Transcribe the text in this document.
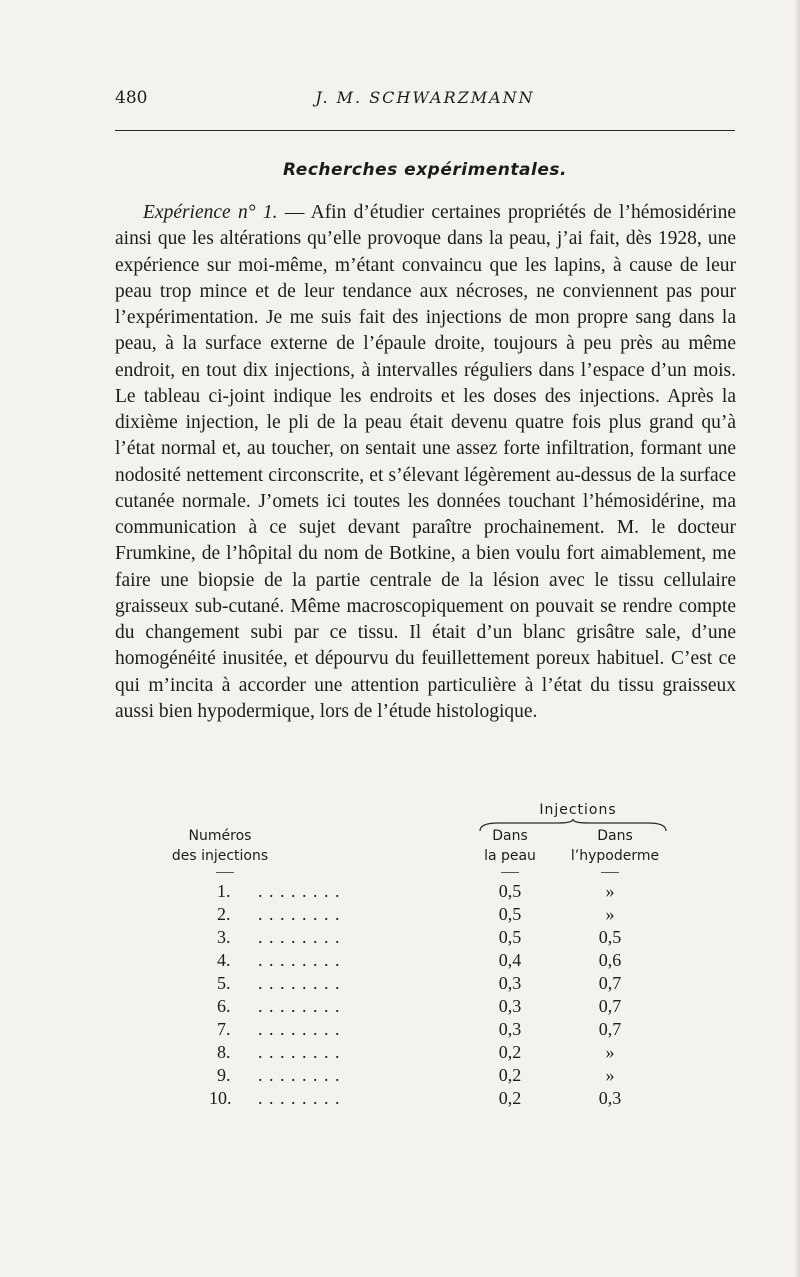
480	J. M. SCHWARZMANN
Recherches expérimentales.

Expérience n° 1. — Afin d’étudier certaines propriétés de l’hémosidérine ainsi que les altérations qu’elle provoque dans la peau, j’ai fait, dès 1928, une expérience sur moi-même, m’étant convaincu que les lapins, à cause de leur peau trop mince et de leur tendance aux nécroses, ne conviennent pas pour l’expérimentation. Je me suis fait des injections de mon propre sang dans la peau, à la surface externe de l’épaule droite, toujours à peu près au même endroit, en tout dix injections, à intervalles réguliers dans l’espace d’un mois. Le tableau ci-joint indique les endroits et les doses des injections. Après la dixième injection, le pli de la peau était devenu quatre fois plus grand qu’à l’état normal et, au toucher, on sentait une assez forte infiltration, formant une nodosité nettement circonscrite, et s’élevant légèrement au-dessus de la surface cutanée normale. J’omets ici toutes les données touchant l’hémosidérine, ma communication à ce sujet devant paraître prochainement. M. le docteur Frumkine, de l’hôpital du nom de Botkine, a bien voulu fort aimablement, me faire une biopsie de la partie centrale de la lésion avec le tissu cellulaire graisseux sub-cutané. Même macroscopiquement on pouvait se rendre compte du changement subi par ce tissu. Il était d’un blanc grisâtre sale, d’une homogénéité inusitée, et dépourvu du feuillettement poreux habituel. C’est ce qui m’incita à accorder une attention particulière à l’état du tissu graisseux aussi bien hypodermique, lors de l’étude histologique.

Injections
Numéros
des injections
Dans
la peau
Dans
l’hypoderme
1. ........	0,5	»
2. ........	0,5	»
3. ........	0,5	0,5
4. ........	0,4	0,6
5. ........	0,3	0,7
6. ........	0,3	0,7
7. ........	0,3	0,7
8. ........	0,2	»
9. ........	0,2	»
10. ........	0,2	0,3
